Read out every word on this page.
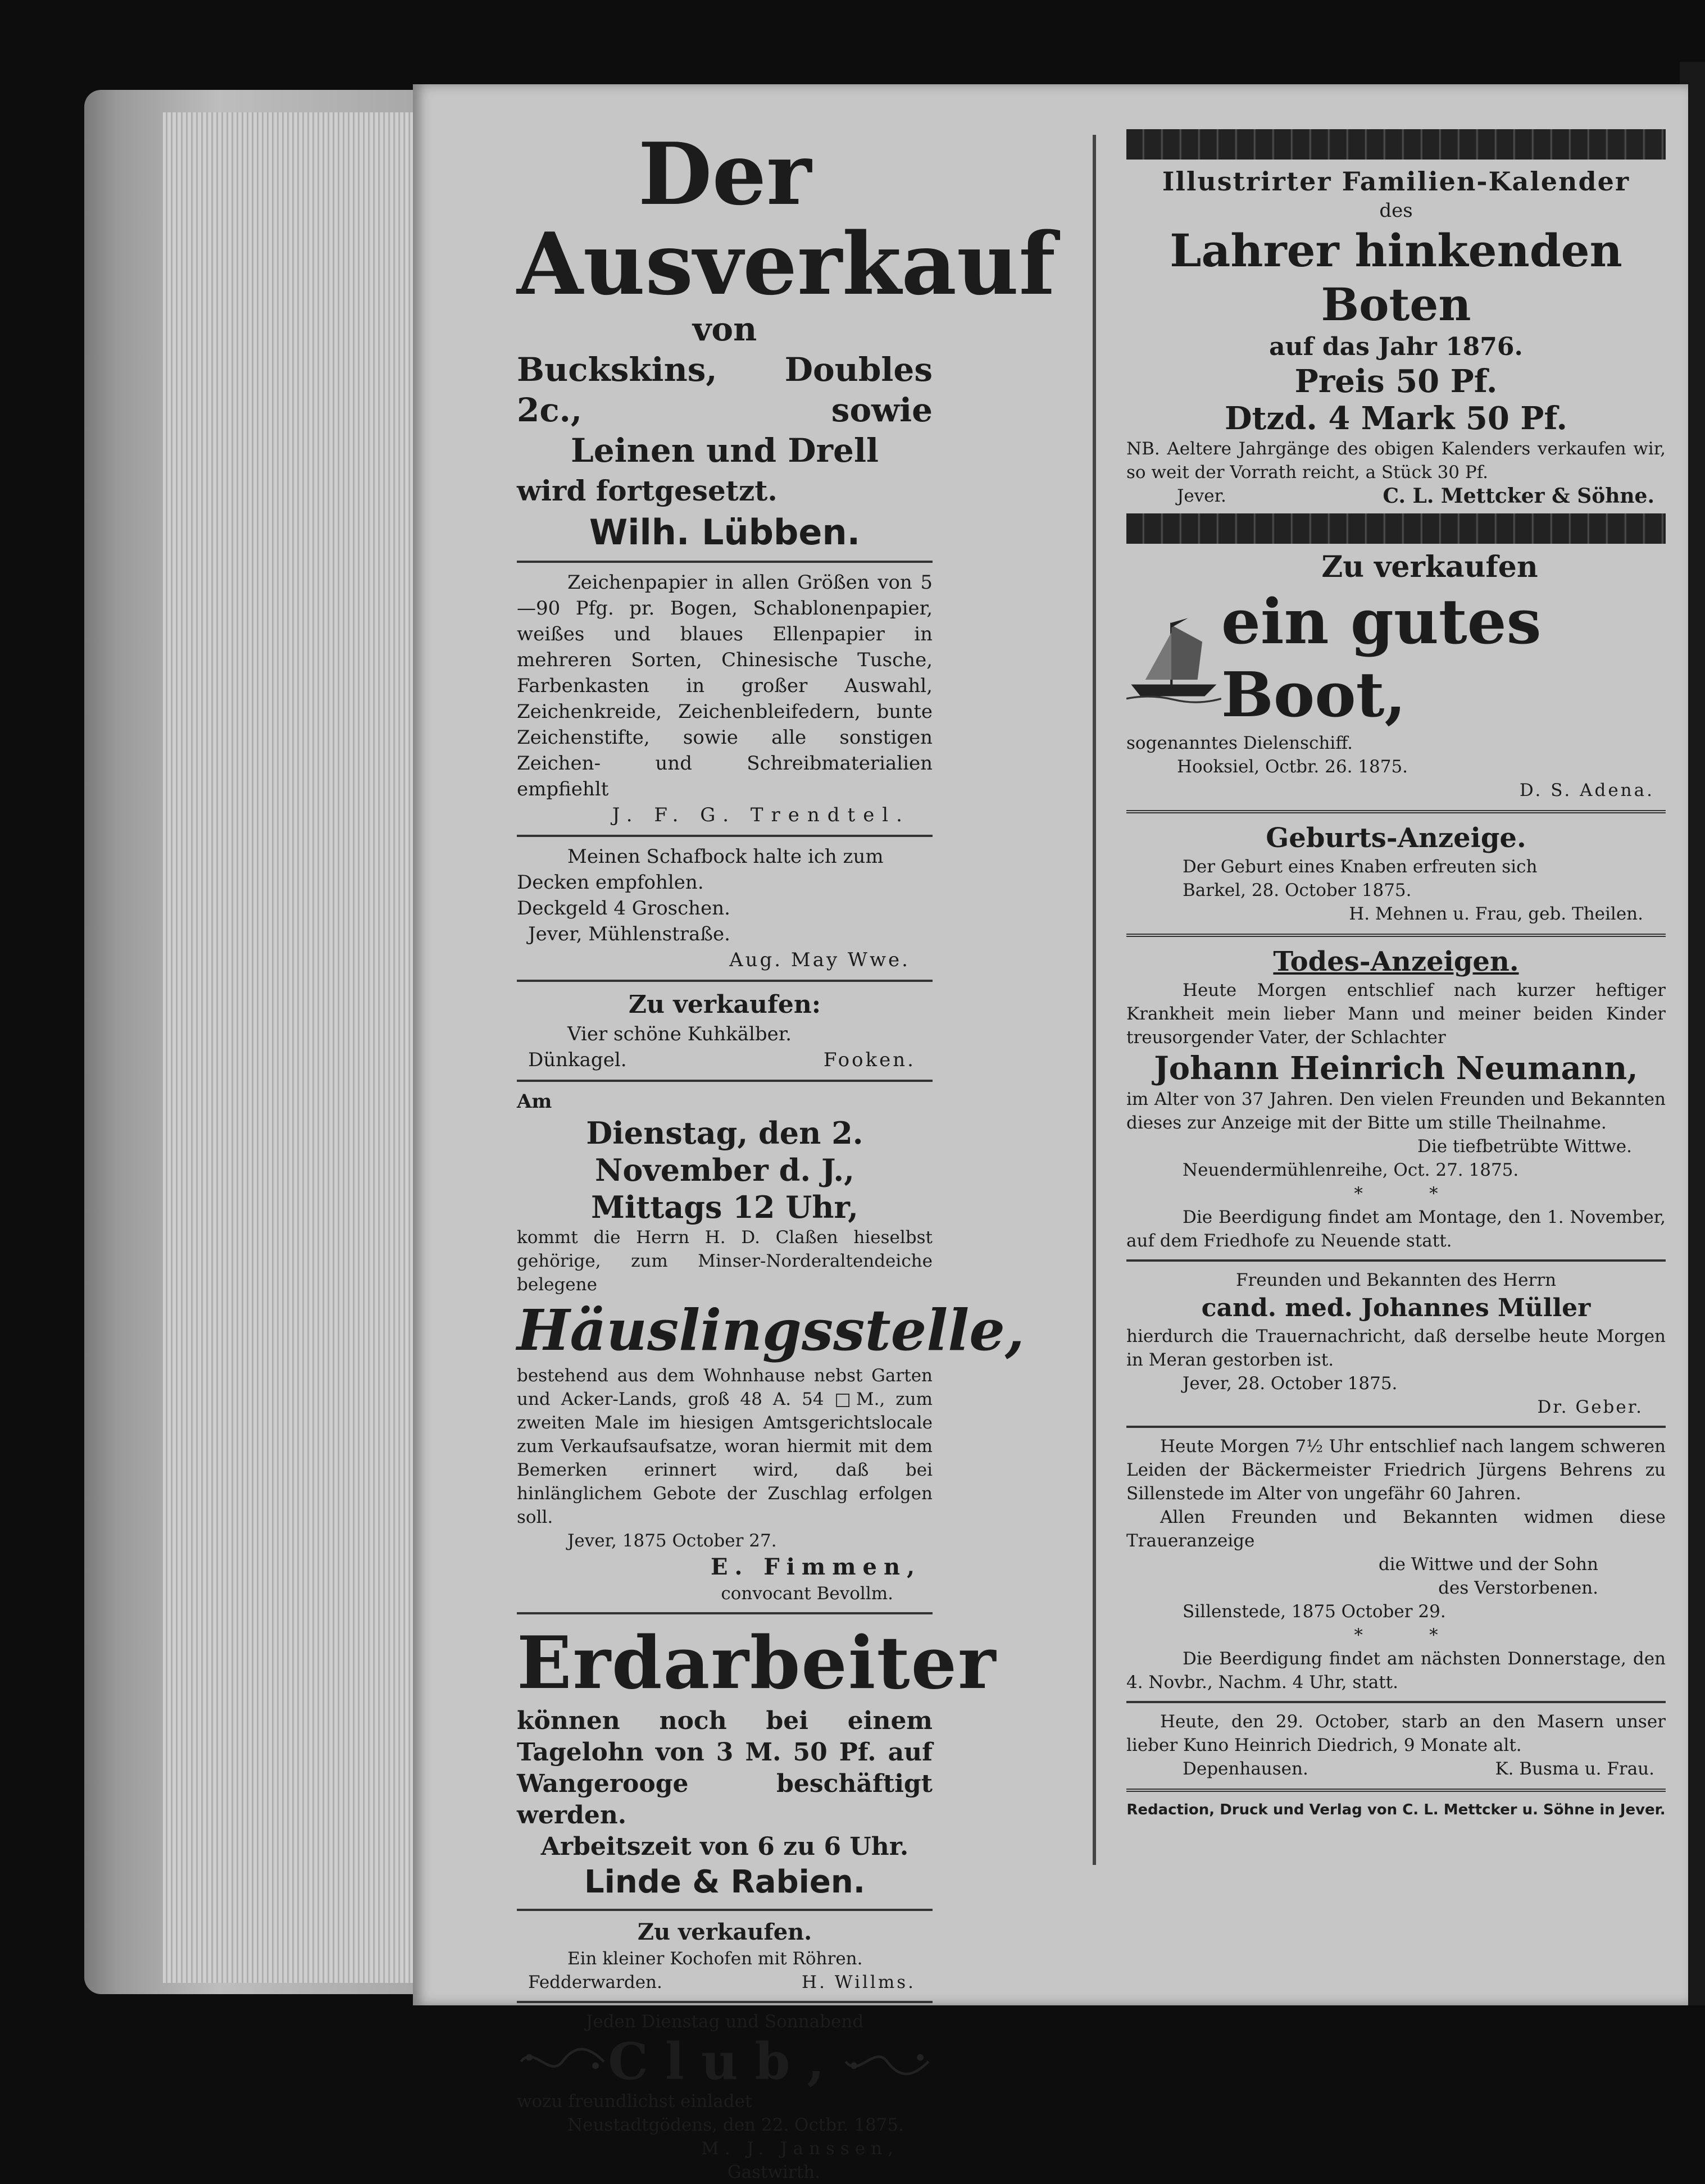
Der Ausverkauf

von

Buckskins, Doubles 2c., sowie

Leinen und Drell

wird fortgesetzt.

Wilh. Lübben.

Zeichenpapier in allen Größen von 5—90 Pfg. pr. Bogen, Schablonenpapier, weißes und blaues Ellenpapier in mehreren Sorten, Chinesische Tusche, Farbenkasten in großer Auswahl, Zeichenkreide, Zeichenbleifedern, bunte Zeichenstifte, sowie alle sonstigen Zeichen- und Schreibmaterialien empfiehlt

J. F. G. Trendtel.

Meinen Schafbock halte ich zum Decken empfohlen.

Deckgeld 4 Groschen.

Jever, Mühlenstraße.

Aug. May Wwe.

Zu verkaufen:

Vier schöne Kuhkälber.

Dünkagel.	Fooken.

Am

Dienstag, den 2. November d. J.,

Mittags 12 Uhr,

kommt die Herrn H. D. Claßen hieselbst gehörige, zum Minser-Norderaltendeiche belegene

Häuslingsstelle,

bestehend aus dem Wohnhause nebst Garten und Acker-Lands, groß 48 A. 54 □M., zum zweiten Male im hiesigen Amtsgerichtslocale zum Verkaufsaufsatze, woran hiermit mit dem Bemerken erinnert wird, daß bei hinlänglichem Gebote der Zuschlag erfolgen soll.

Jever, 1875 October 27.

E. Fimmen,

convocant Bevollm.

Erdarbeiter

können noch bei einem Tagelohn von 3 M. 50 Pf. auf Wangerooge beschäftigt werden.

Arbeitszeit von 6 zu 6 Uhr.

Linde & Rabien.

Zu verkaufen.

Ein kleiner Kochofen mit Röhren.

Fedderwarden.	H. Willms.

Jeden Dienstag und Sonnabend

Club,

wozu freundlichst einladet

Neustadtgödens, den 22. Octbr. 1875.

M. J. Janssen,

Gastwirth.

Illustrirter Familien-Kalender

des

Lahrer hinkenden Boten

auf das Jahr 1876.

Preis 50 Pf.

Dtzd. 4 Mark 50 Pf.

NB. Aeltere Jahrgänge des obigen Kalenders verkaufen wir, so weit der Vorrath reicht, a Stück 30 Pf.

Jever.	C. L. Mettcker & Söhne.

Zu verkaufen

ein gutes Boot,

sogenanntes Dielenschiff.

Hooksiel, Octbr. 26. 1875.

D. S. Adena.

Geburts-Anzeige.

Der Geburt eines Knaben erfreuten sich

Barkel, 28. October 1875.

H. Mehnen u. Frau, geb. Theilen.

Todes-Anzeigen.

Heute Morgen entschlief nach kurzer heftiger Krankheit mein lieber Mann und meiner beiden Kinder treusorgender Vater, der Schlachter

Johann Heinrich Neumann,

im Alter von 37 Jahren. Den vielen Freunden und Bekannten dieses zur Anzeige mit der Bitte um stille Theilnahme.

Die tiefbetrübte Wittwe.

Neuendermühlenreihe, Oct. 27. 1875.

*            *

Die Beerdigung findet am Montage, den 1. November, auf dem Friedhofe zu Neuende statt.

Freunden und Bekannten des Herrn

cand. med. Johannes Müller

hierdurch die Trauernachricht, daß derselbe heute Morgen in Meran gestorben ist.

Jever, 28. October 1875.

Dr. Geber.

Heute Morgen 7½ Uhr entschlief nach langem schweren Leiden der Bäckermeister Friedrich Jürgens Behrens zu Sillenstede im Alter von ungefähr 60 Jahren.

Allen Freunden und Bekannten widmen diese Traueranzeige

die Wittwe und der Sohn

des Verstorbenen.

Sillenstede, 1875 October 29.

*            *

Die Beerdigung findet am nächsten Donnerstage, den 4. Novbr., Nachm. 4 Uhr, statt.

Heute, den 29. October, starb an den Masern unser lieber Kuno Heinrich Diedrich, 9 Monate alt.

Depenhausen.	K. Busma u. Frau.

Redaction, Druck und Verlag von C. L. Mettcker u. Söhne in Jever.
